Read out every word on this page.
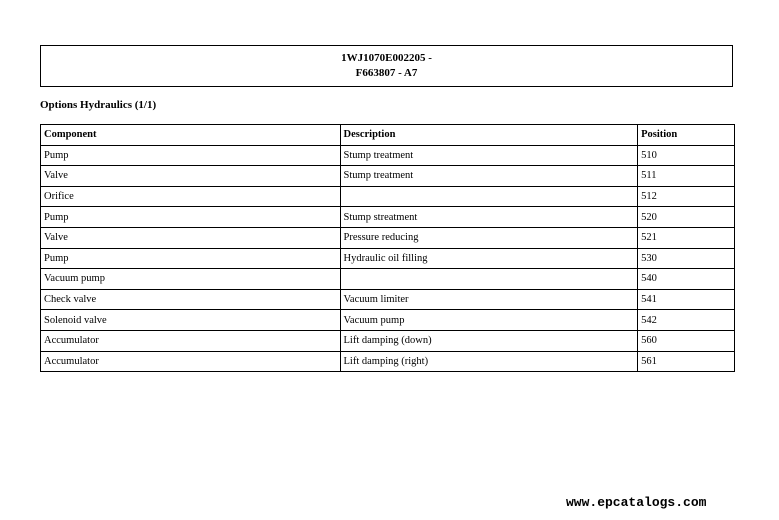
1WJ1070E002205 -
F663807 - A7
Options Hydraulics (1/1)
Component	Description	Position
Pump	Stump treatment	510
Valve	Stump treatment	511
Orifice		512
Pump	Stump streatment	520
Valve	Pressure reducing	521
Pump	Hydraulic oil filling	530
Vacuum pump		540
Check valve	Vacuum limiter	541
Solenoid valve	Vacuum pump	542
Accumulator	Lift damping (down)	560
Accumulator	Lift damping (right)	561
www.epcatalogs.com
